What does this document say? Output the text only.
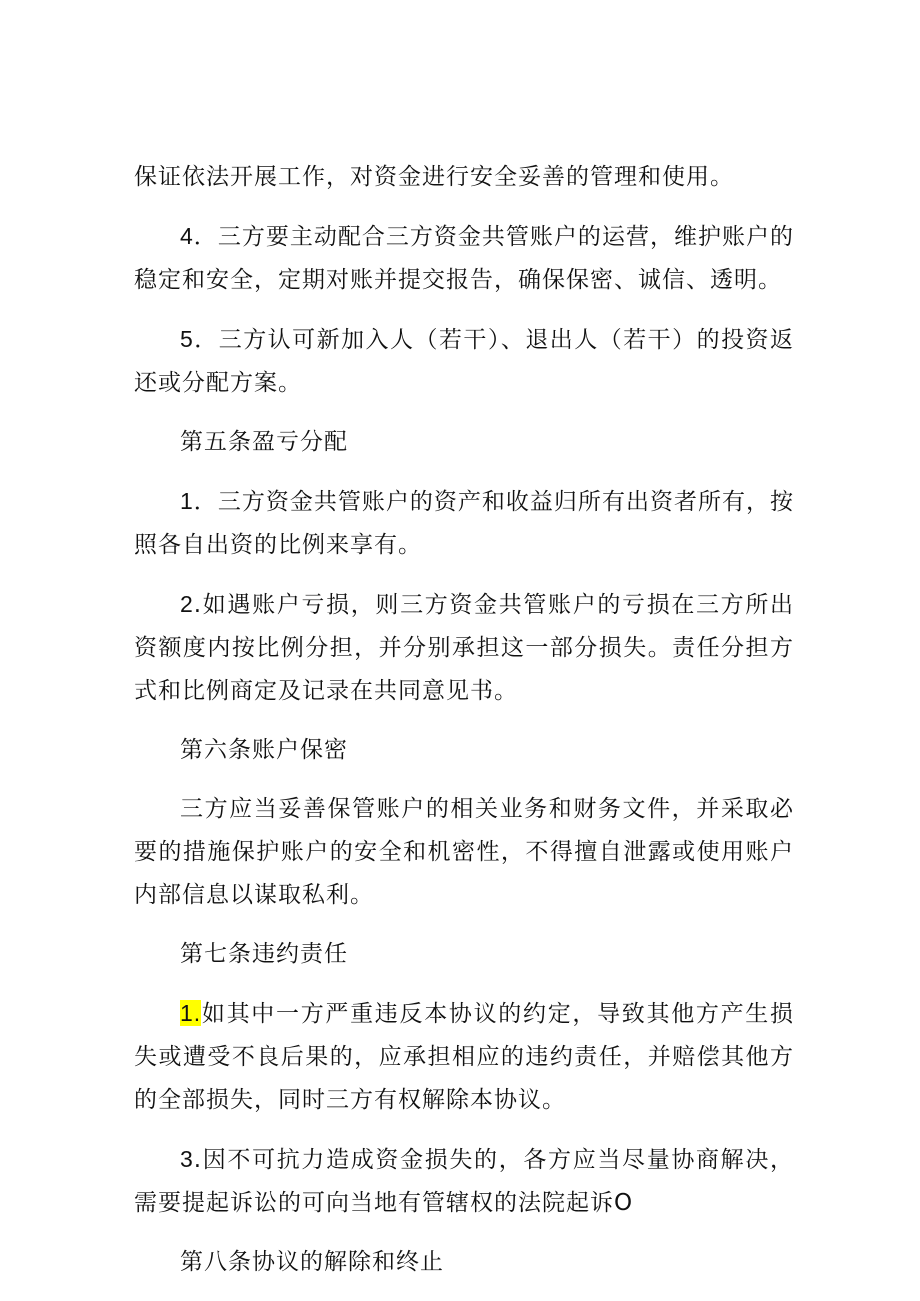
保证依法开展工作，对资金进行安全妥善的管理和使用。

4．三方要主动配合三方资金共管账户的运营，维护账户的稳定和安全，定期对账并提交报告，确保保密、诚信、透明。

5．三方认可新加入人（若干）、退出人（若干）的投资返还或分配方案。

第五条盈亏分配

1．三方资金共管账户的资产和收益归所有出资者所有，按照各自出资的比例来享有。

2.如遇账户亏损，则三方资金共管账户的亏损在三方所出资额度内按比例分担，并分别承担这一部分损失。责任分担方式和比例商定及记录在共同意见书。

第六条账户保密

三方应当妥善保管账户的相关业务和财务文件，并采取必要的措施保护账户的安全和机密性，不得擅自泄露或使用账户内部信息以谋取私利。

第七条违约责任

1.如其中一方严重违反本协议的约定，导致其他方产生损失或遭受不良后果的，应承担相应的违约责任，并赔偿其他方的全部损失，同时三方有权解除本协议。

3.因不可抗力造成资金损失的，各方应当尽量协商解决，需要提起诉讼的可向当地有管辖权的法院起诉O

第八条协议的解除和终止
